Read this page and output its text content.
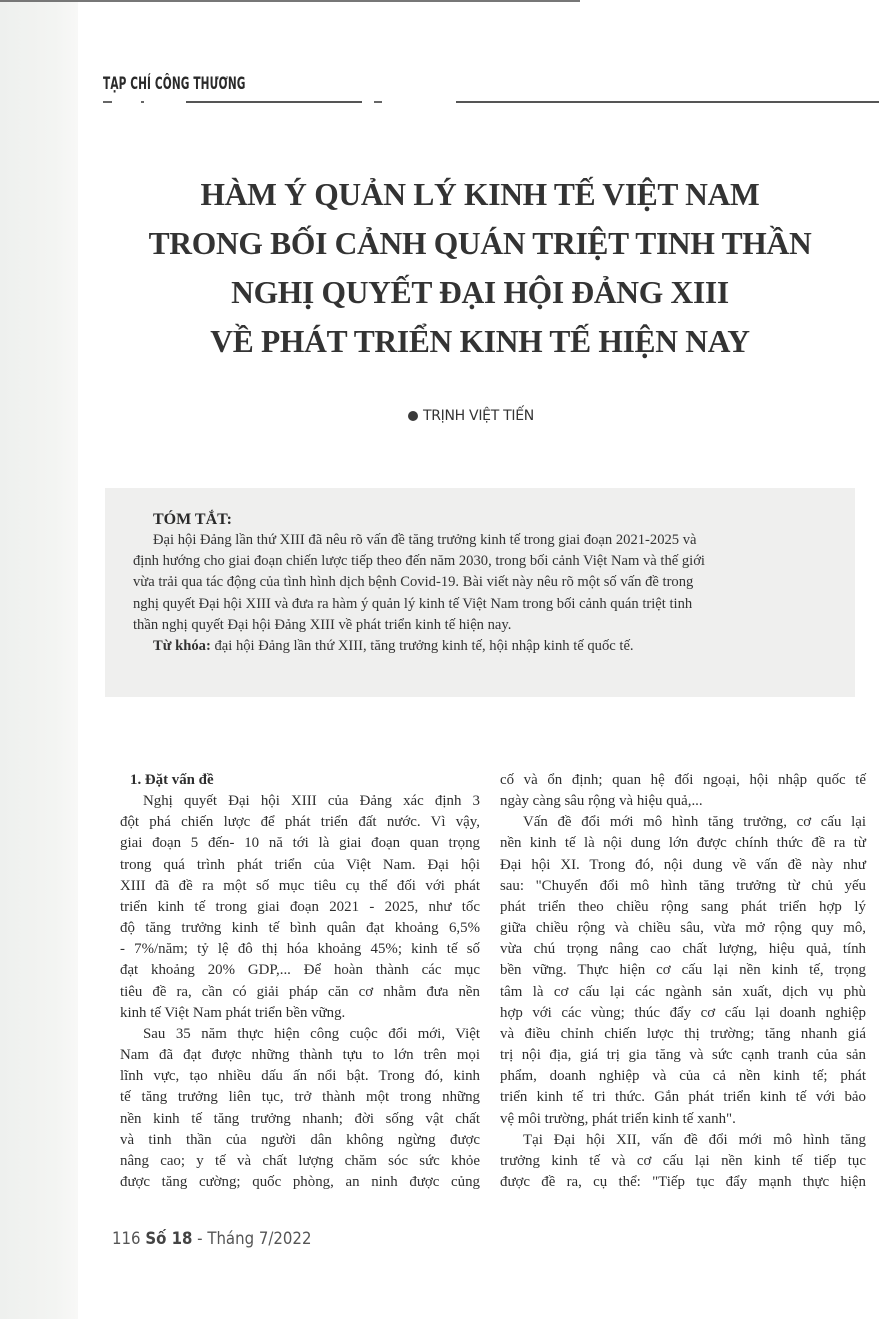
TẠP CHÍ CÔNG THƯƠNG
HÀM Ý QUẢN LÝ KINH TẾ VIỆT NAM
TRONG BỐI CẢNH QUÁN TRIỆT TINH THẦN
NGHỊ QUYẾT ĐẠI HỘI ĐẢNG XIII
VỀ PHÁT TRIỂN KINH TẾ HIỆN NAY
TRỊNH VIỆT TIẾN
TÓM TẮT:
Đại hội Đảng lần thứ XIII đã nêu rõ vấn đề tăng trưởng kinh tế trong giai đoạn 2021-2025 và
định hướng cho giai đoạn chiến lược tiếp theo đến năm 2030, trong bối cảnh Việt Nam và thế giới
vừa trải qua tác động của tình hình dịch bệnh Covid-19. Bài viết này nêu rõ một số vấn đề trong
nghị quyết Đại hội XIII và đưa ra hàm ý quản lý kinh tế Việt Nam trong bối cảnh quán triệt tinh
thần nghị quyết Đại hội Đảng XIII về phát triển kinh tế hiện nay.
Từ khóa: đại hội Đảng lần thứ XIII, tăng trưởng kinh tế, hội nhập kinh tế quốc tế.
1. Đặt vấn đề
Nghị quyết Đại hội XIII của Đảng xác định 3
đột phá chiến lược để phát triển đất nước. Vì vậy,
giai đoạn 5 đến- 10 nă tới là giai đoạn quan trọng
trong quá trình phát triển của Việt Nam. Đại hội
XIII đã đề ra một số mục tiêu cụ thể đối với phát
triển kinh tế trong giai đoạn 2021 - 2025, như tốc
độ tăng trưởng kinh tế bình quân đạt khoảng 6,5%
- 7%/năm; tỷ lệ đô thị hóa khoảng 45%; kinh tế số
đạt khoảng 20% GDP,... Để hoàn thành các mục
tiêu đề ra, cần có giải pháp căn cơ nhằm đưa nền
kinh tế Việt Nam phát triển bền vững.
Sau 35 năm thực hiện công cuộc đổi mới, Việt
Nam đã đạt được những thành tựu to lớn trên mọi
lĩnh vực, tạo nhiều dấu ấn nổi bật. Trong đó, kinh
tế tăng trưởng liên tục, trở thành một trong những
nền kinh tế tăng trưởng nhanh; đời sống vật chất
và tinh thần của người dân không ngừng được
nâng cao; y tế và chất lượng chăm sóc sức khỏe
được tăng cường; quốc phòng, an ninh được củng
cố và ổn định; quan hệ đối ngoại, hội nhập quốc tế
ngày càng sâu rộng và hiệu quả,...
Vấn đề đổi mới mô hình tăng trưởng, cơ cấu lại
nền kinh tế là nội dung lớn được chính thức đề ra từ
Đại hội XI. Trong đó, nội dung về vấn đề này như
sau: "Chuyển đổi mô hình tăng trưởng từ chủ yếu
phát triển theo chiều rộng sang phát triển hợp lý
giữa chiều rộng và chiều sâu, vừa mở rộng quy mô,
vừa chú trọng nâng cao chất lượng, hiệu quả, tính
bền vững. Thực hiện cơ cấu lại nền kinh tế, trọng
tâm là cơ cấu lại các ngành sản xuất, dịch vụ phù
hợp với các vùng; thúc đẩy cơ cấu lại doanh nghiệp
và điều chỉnh chiến lược thị trường; tăng nhanh giá
trị nội địa, giá trị gia tăng và sức cạnh tranh của sản
phẩm, doanh nghiệp và của cả nền kinh tế; phát
triển kinh tế tri thức. Gắn phát triển kinh tế với bảo
vệ môi trường, phát triển kinh tế xanh".
Tại Đại hội XII, vấn đề đổi mới mô hình tăng
trưởng kinh tế và cơ cấu lại nền kinh tế tiếp tục
được đề ra, cụ thể: "Tiếp tục đẩy mạnh thực hiện
116 Số 18 - Tháng 7/2022
